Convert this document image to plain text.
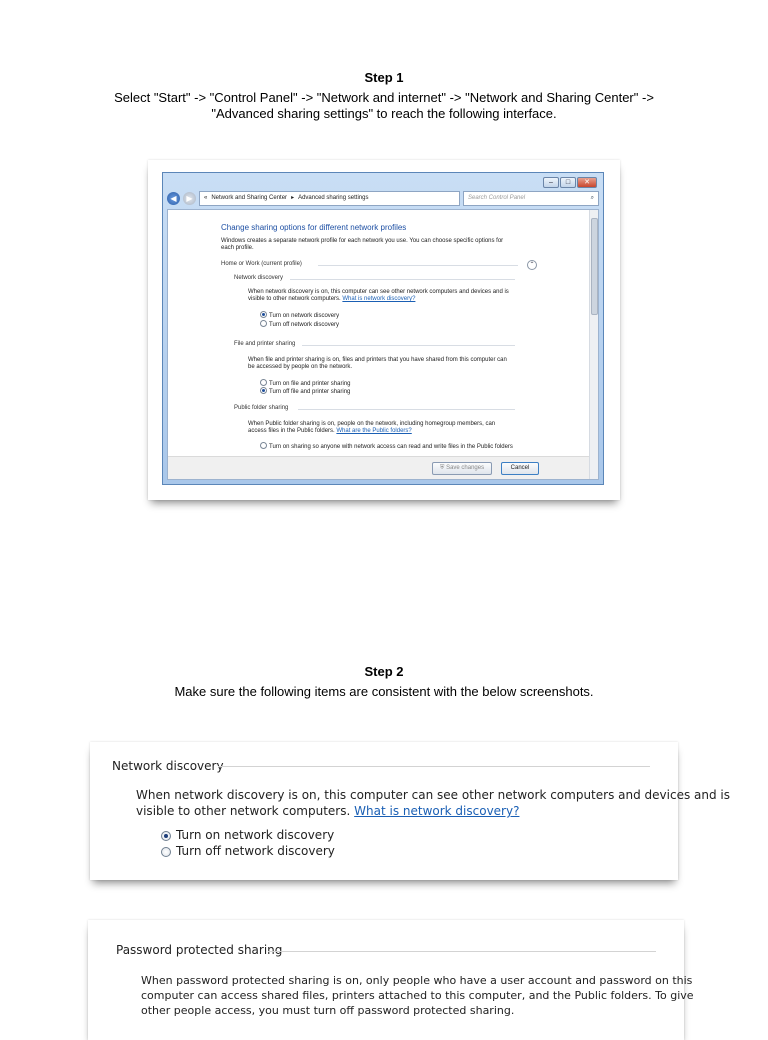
Step 1
Select "Start" -> "Control Panel" -> "Network and internet" -> "Network and Sharing Center" ->
"Advanced sharing settings" to reach the following interface.
–	□	✕
◀	▶	« Network and Sharing Center ▸ Advanced sharing settings	Search Control Panel	⌕
Change sharing options for different network profiles
Windows creates a separate network profile for each network you use. You can choose specific options for
each profile.
Home or Work (current profile)	⌃
Network discovery
When network discovery is on, this computer can see other network computers and devices and is
visible to other network computers. What is network discovery?
Turn on network discovery
Turn off network discovery
File and printer sharing
When file and printer sharing is on, files and printers that you have shared from this computer can
be accessed by people on the network.
Turn on file and printer sharing
Turn off file and printer sharing
Public folder sharing
When Public folder sharing is on, people on the network, including homegroup members, can
access files in the Public folders. What are the Public folders?
Turn on sharing so anyone with network access can read and write files in the Public folders
⛨ Save changes	Cancel
Step 2
Make sure the following items are consistent with the below screenshots.
Network discovery
When network discovery is on, this computer can see other network computers and devices and is
visible to other network computers. What is network discovery?
Turn on network discovery
Turn off network discovery
Password protected sharing
When password protected sharing is on, only people who have a user account and password on this
computer can access shared files, printers attached to this computer, and the Public folders. To give
other people access, you must turn off password protected sharing.
